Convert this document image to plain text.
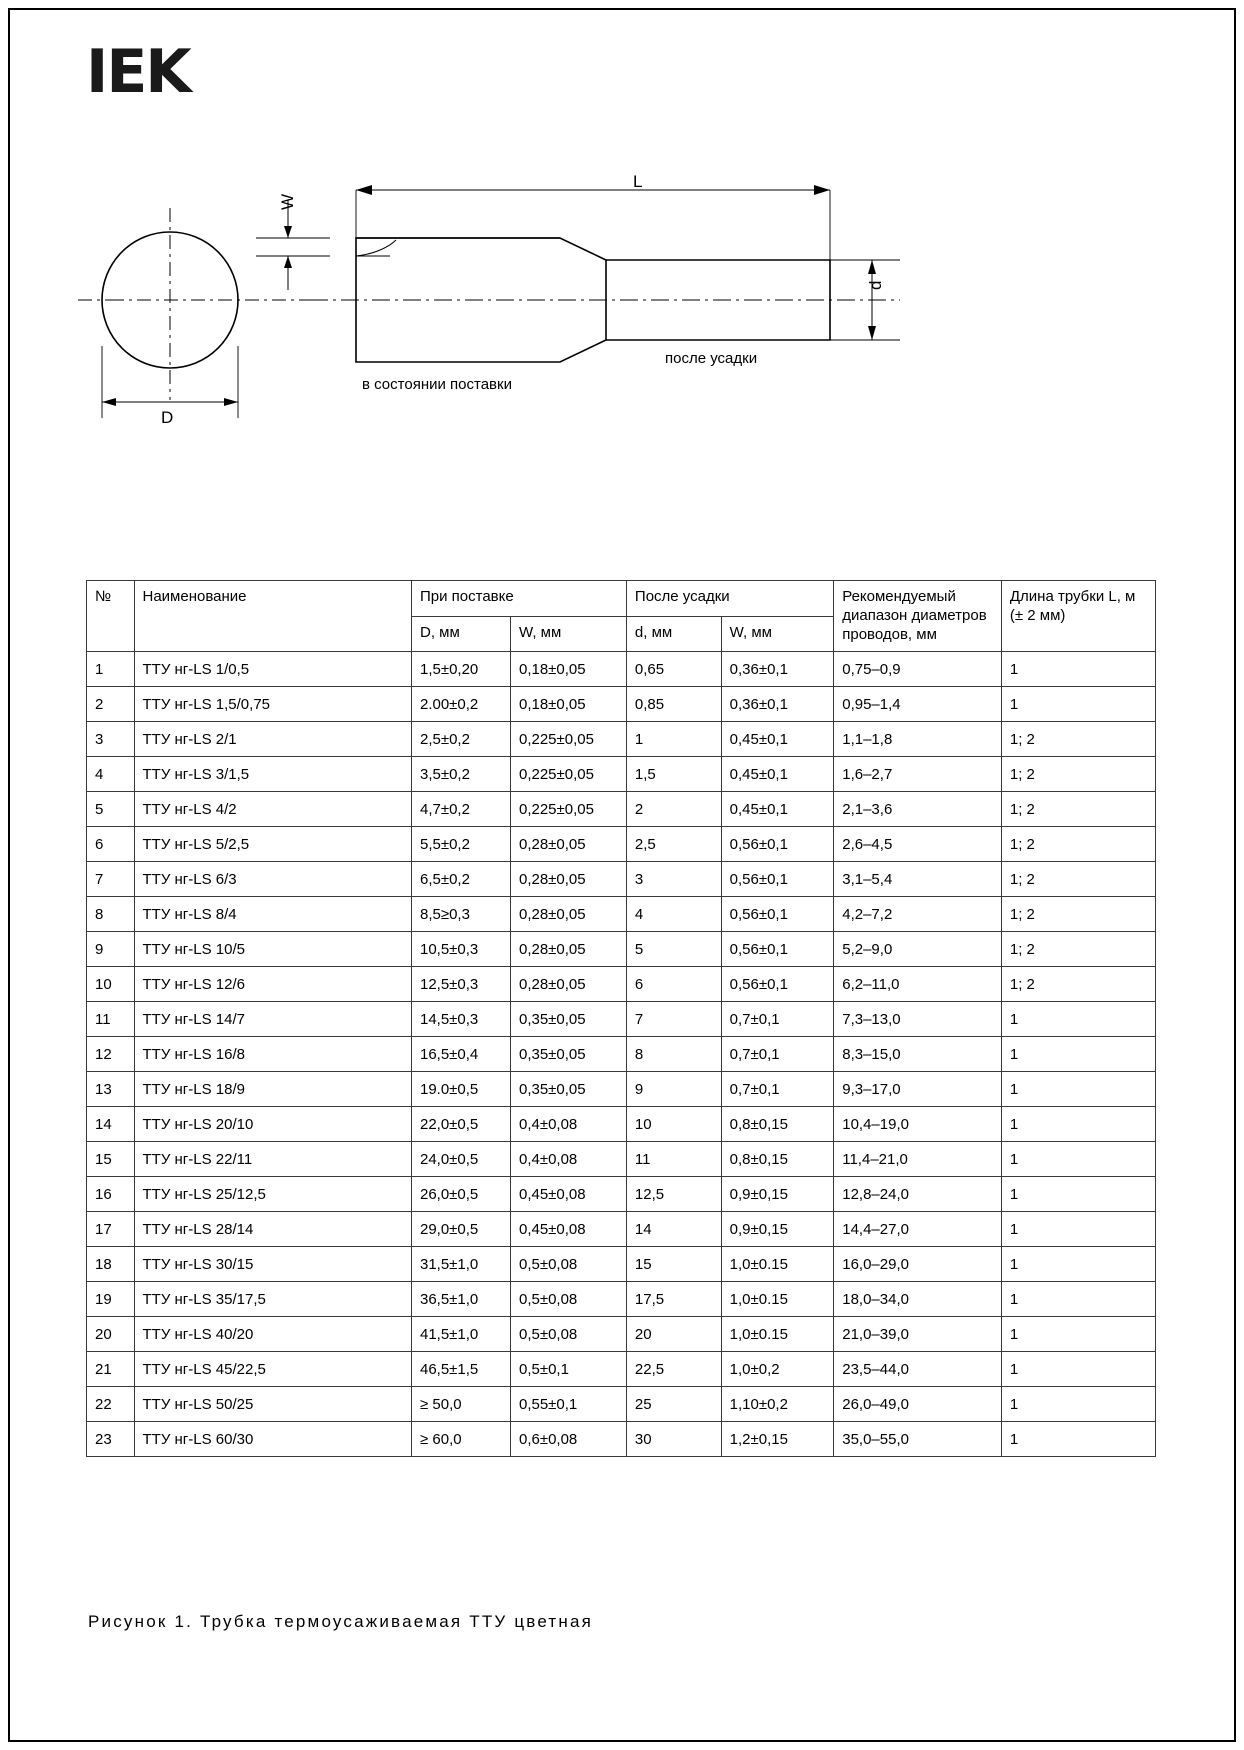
IEK
L
W
D
d
в состоянии поставки
после усадки
№	Наименование	При поставке		После усадки		Рекомендуемый диапазон диаметров проводов, мм	Длина трубки L, м (± 2 мм)
		D, мм	W, мм	d, мм	W, мм		
1	ТТУ нг-LS 1/0,5	1,5±0,20	0,18±0,05	0,65	0,36±0,1	0,75–0,9	1
2	ТТУ нг-LS 1,5/0,75	2.00±0,2	0,18±0,05	0,85	0,36±0,1	0,95–1,4	1
3	ТТУ нг-LS 2/1	2,5±0,2	0,225±0,05	1	0,45±0,1	1,1–1,8	1; 2
4	ТТУ нг-LS 3/1,5	3,5±0,2	0,225±0,05	1,5	0,45±0,1	1,6–2,7	1; 2
5	ТТУ нг-LS 4/2	4,7±0,2	0,225±0,05	2	0,45±0,1	2,1–3,6	1; 2
6	ТТУ нг-LS 5/2,5	5,5±0,2	0,28±0,05	2,5	0,56±0,1	2,6–4,5	1; 2
7	ТТУ нг-LS 6/3	6,5±0,2	0,28±0,05	3	0,56±0,1	3,1–5,4	1; 2
8	ТТУ нг-LS 8/4	8,5≥0,3	0,28±0,05	4	0,56±0,1	4,2–7,2	1; 2
9	ТТУ нг-LS 10/5	10,5±0,3	0,28±0,05	5	0,56±0,1	5,2–9,0	1; 2
10	ТТУ нг-LS 12/6	12,5±0,3	0,28±0,05	6	0,56±0,1	6,2–11,0	1; 2
11	ТТУ нг-LS 14/7	14,5±0,3	0,35±0,05	7	0,7±0,1	7,3–13,0	1
12	ТТУ нг-LS 16/8	16,5±0,4	0,35±0,05	8	0,7±0,1	8,3–15,0	1
13	ТТУ нг-LS 18/9	19.0±0,5	0,35±0,05	9	0,7±0,1	9,3–17,0	1
14	ТТУ нг-LS 20/10	22,0±0,5	0,4±0,08	10	0,8±0,15	10,4–19,0	1
15	ТТУ нг-LS 22/11	24,0±0,5	0,4±0,08	11	0,8±0,15	11,4–21,0	1
16	ТТУ нг-LS 25/12,5	26,0±0,5	0,45±0,08	12,5	0,9±0,15	12,8–24,0	1
17	ТТУ нг-LS 28/14	29,0±0,5	0,45±0,08	14	0,9±0,15	14,4–27,0	1
18	ТТУ нг-LS 30/15	31,5±1,0	0,5±0,08	15	1,0±0.15	16,0–29,0	1
19	ТТУ нг-LS 35/17,5	36,5±1,0	0,5±0,08	17,5	1,0±0.15	18,0–34,0	1
20	ТТУ нг-LS 40/20	41,5±1,0	0,5±0,08	20	1,0±0.15	21,0–39,0	1
21	ТТУ нг-LS 45/22,5	46,5±1,5	0,5±0,1	22,5	1,0±0,2	23,5–44,0	1
22	ТТУ нг-LS 50/25	≥ 50,0	0,55±0,1	25	1,10±0,2	26,0–49,0	1
23	ТТУ нг-LS 60/30	≥ 60,0	0,6±0,08	30	1,2±0,15	35,0–55,0	1
Рисунок 1. Трубка термоусаживаемая ТТУ цветная
